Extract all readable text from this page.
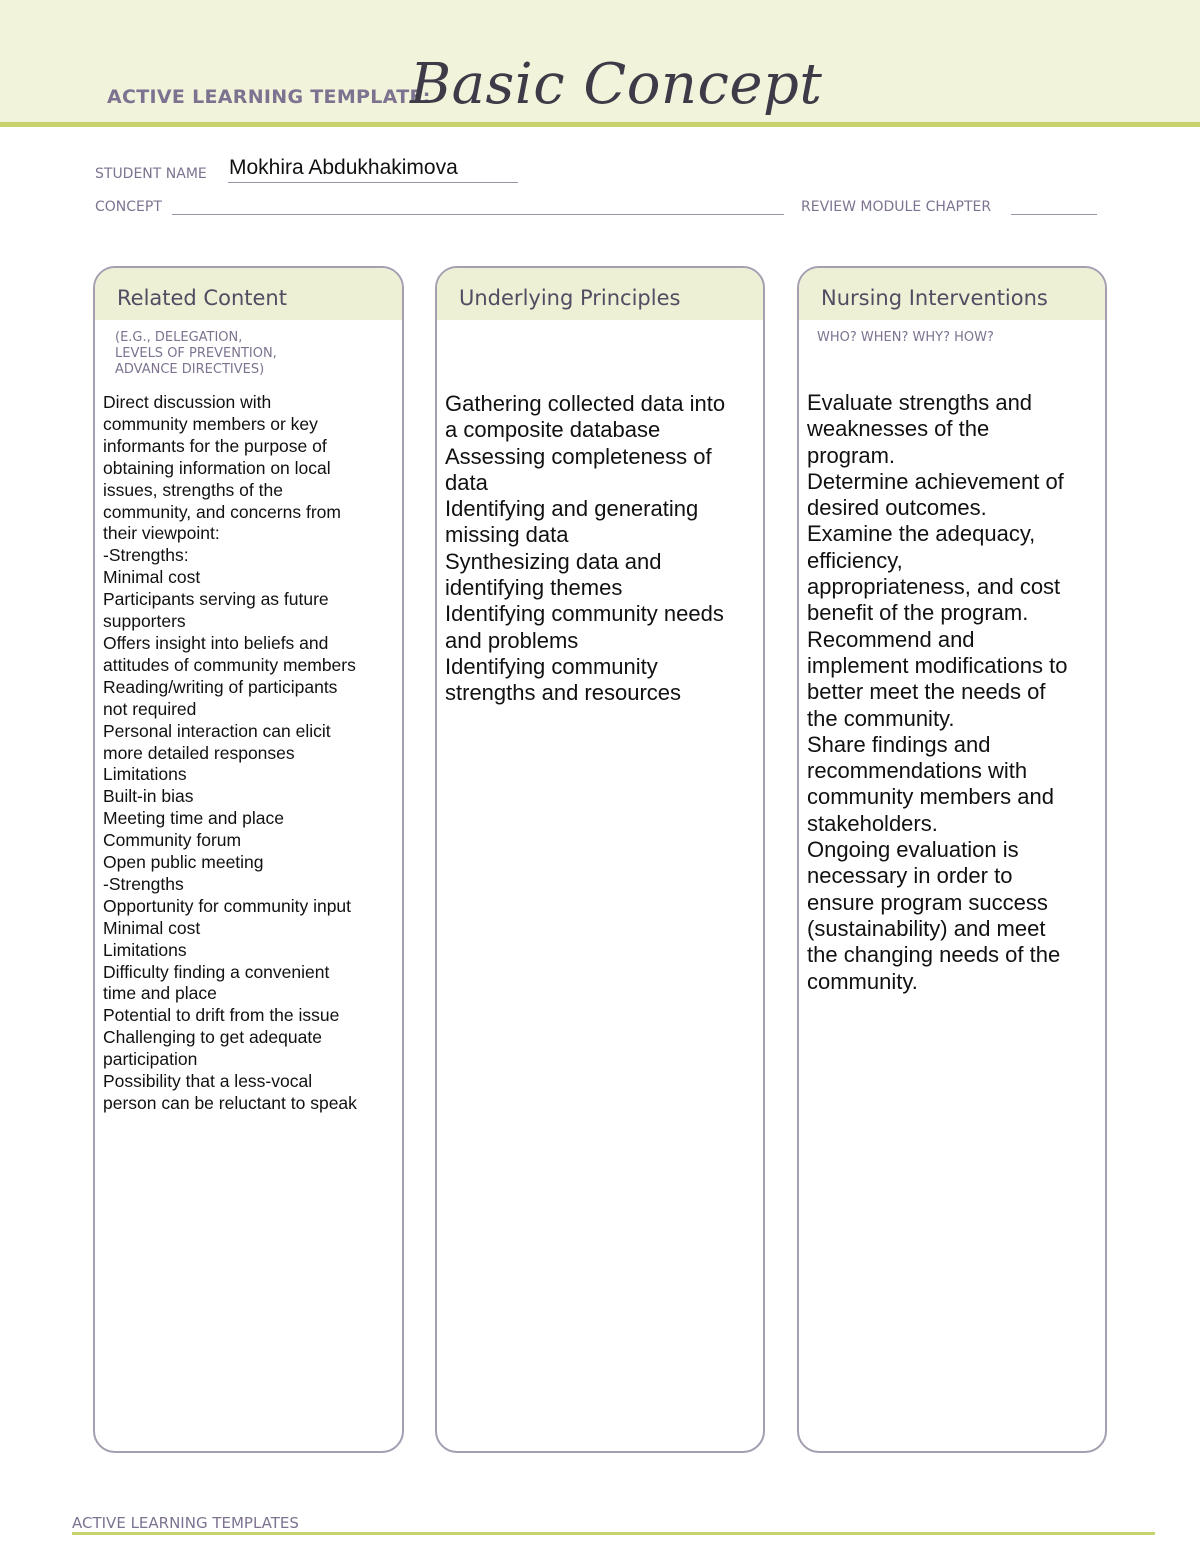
ACTIVE LEARNING TEMPLATE:
Basic Concept
STUDENT NAME Mokhira Abdukhakimova
CONCEPT	REVIEW MODULE CHAPTER
Related Content
(E.G., DELEGATION,
LEVELS OF PREVENTION,
ADVANCE DIRECTIVES)
Direct discussion with
community members or key
informants for the purpose of
obtaining information on local
issues, strengths of the
community, and concerns from
their viewpoint:
-Strengths:
Minimal cost
Participants serving as future
supporters
Offers insight into beliefs and
attitudes of community members
Reading/writing of participants
not required
Personal interaction can elicit
more detailed responses
Limitations
Built-in bias
Meeting time and place
Community forum
Open public meeting
-Strengths
Opportunity for community input
Minimal cost
Limitations
Difficulty finding a convenient
time and place
Potential to drift from the issue
Challenging to get adequate
participation
Possibility that a less-vocal
person can be reluctant to speak
Underlying Principles
Gathering collected data into
a composite database
Assessing completeness of
data
Identifying and generating
missing data
Synthesizing data and
identifying themes
Identifying community needs
and problems
Identifying community
strengths and resources
Nursing Interventions
WHO? WHEN? WHY? HOW?
Evaluate strengths and
weaknesses of the
program.
Determine achievement of
desired outcomes.
Examine the adequacy,
efficiency,
appropriateness, and cost
benefit of the program.
Recommend and
implement modifications to
better meet the needs of
the community.
Share findings and
recommendations with
community members and
stakeholders.
Ongoing evaluation is
necessary in order to
ensure program success
(sustainability) and meet
the changing needs of the
community.
ACTIVE LEARNING TEMPLATES
